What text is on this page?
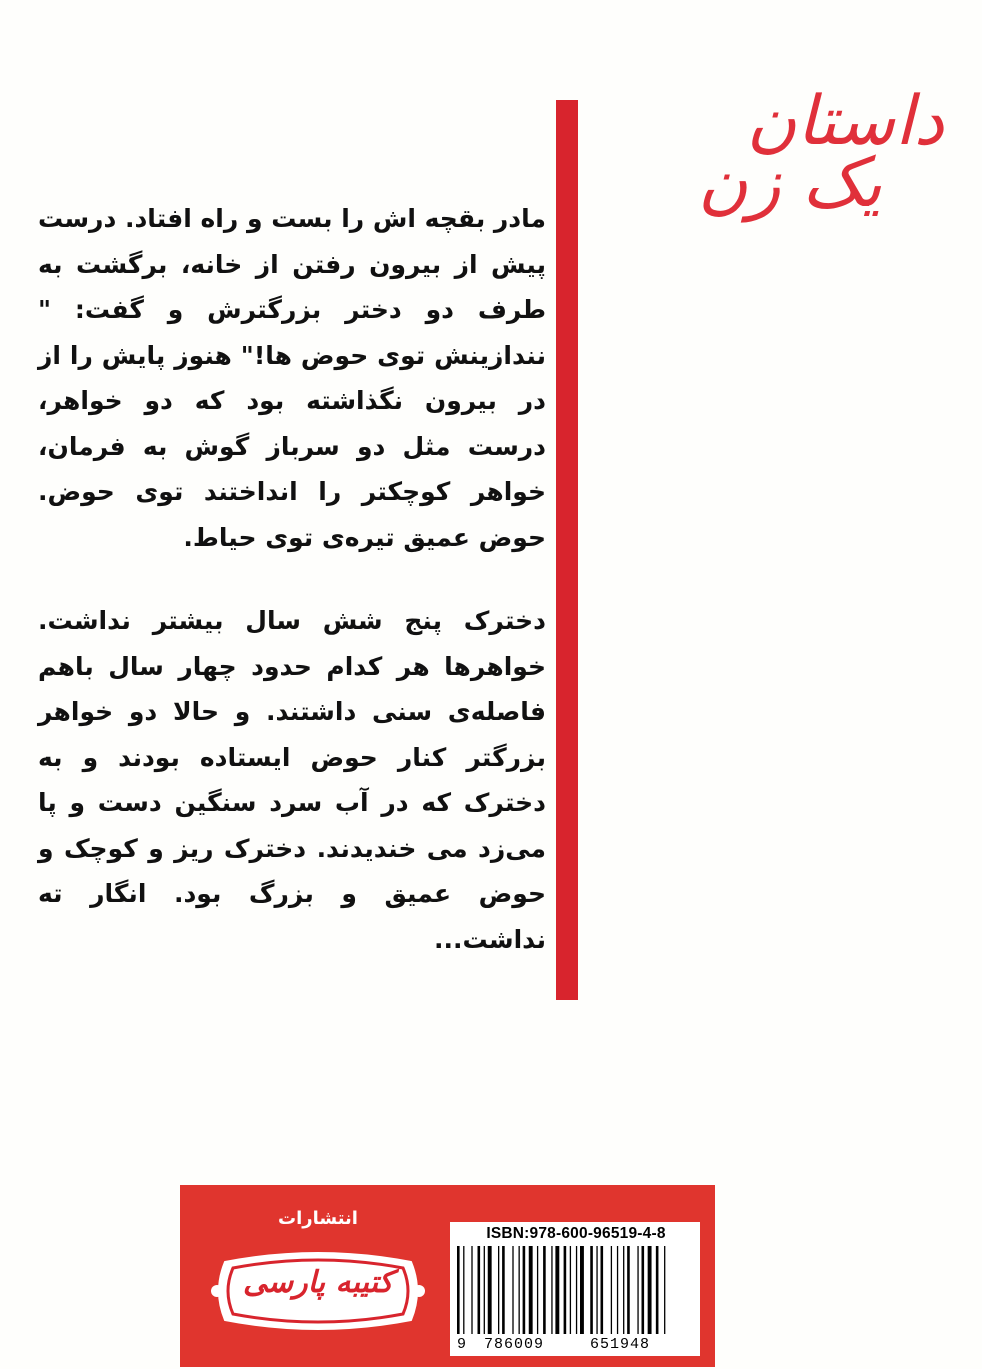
داستان
یک زن

مادر بقچه اش را بست و راه افتاد. درست پیش از بیرون رفتن از خانه، برگشت به طرف دو دختر بزرگترش و گفت: " نندازینش توی حوض ها!" هنوز پایش را از در بیرون نگذاشته بود که دو خواهر، درست مثل دو سرباز گوش به فرمان، خواهر کوچکتر را انداختند توی حوض. حوض عمیق تیره‌ی توی حیاط.

دخترک پنج شش سال بیشتر نداشت. خواهرها هر کدام حدود چهار سال باهم فاصله‌ی سنی داشتند. و حالا دو خواهر بزرگتر کنار حوض ایستاده بودند و به دخترک که در آب سرد سنگین دست و پا می‌زد می خندیدند. دخترک ریز و کوچک و حوض عمیق و بزرگ بود. انگار ته نداشت...

انتشارات
کتیبه پارسی
ISBN:978-600-96519-4-8
9 786009	651948
